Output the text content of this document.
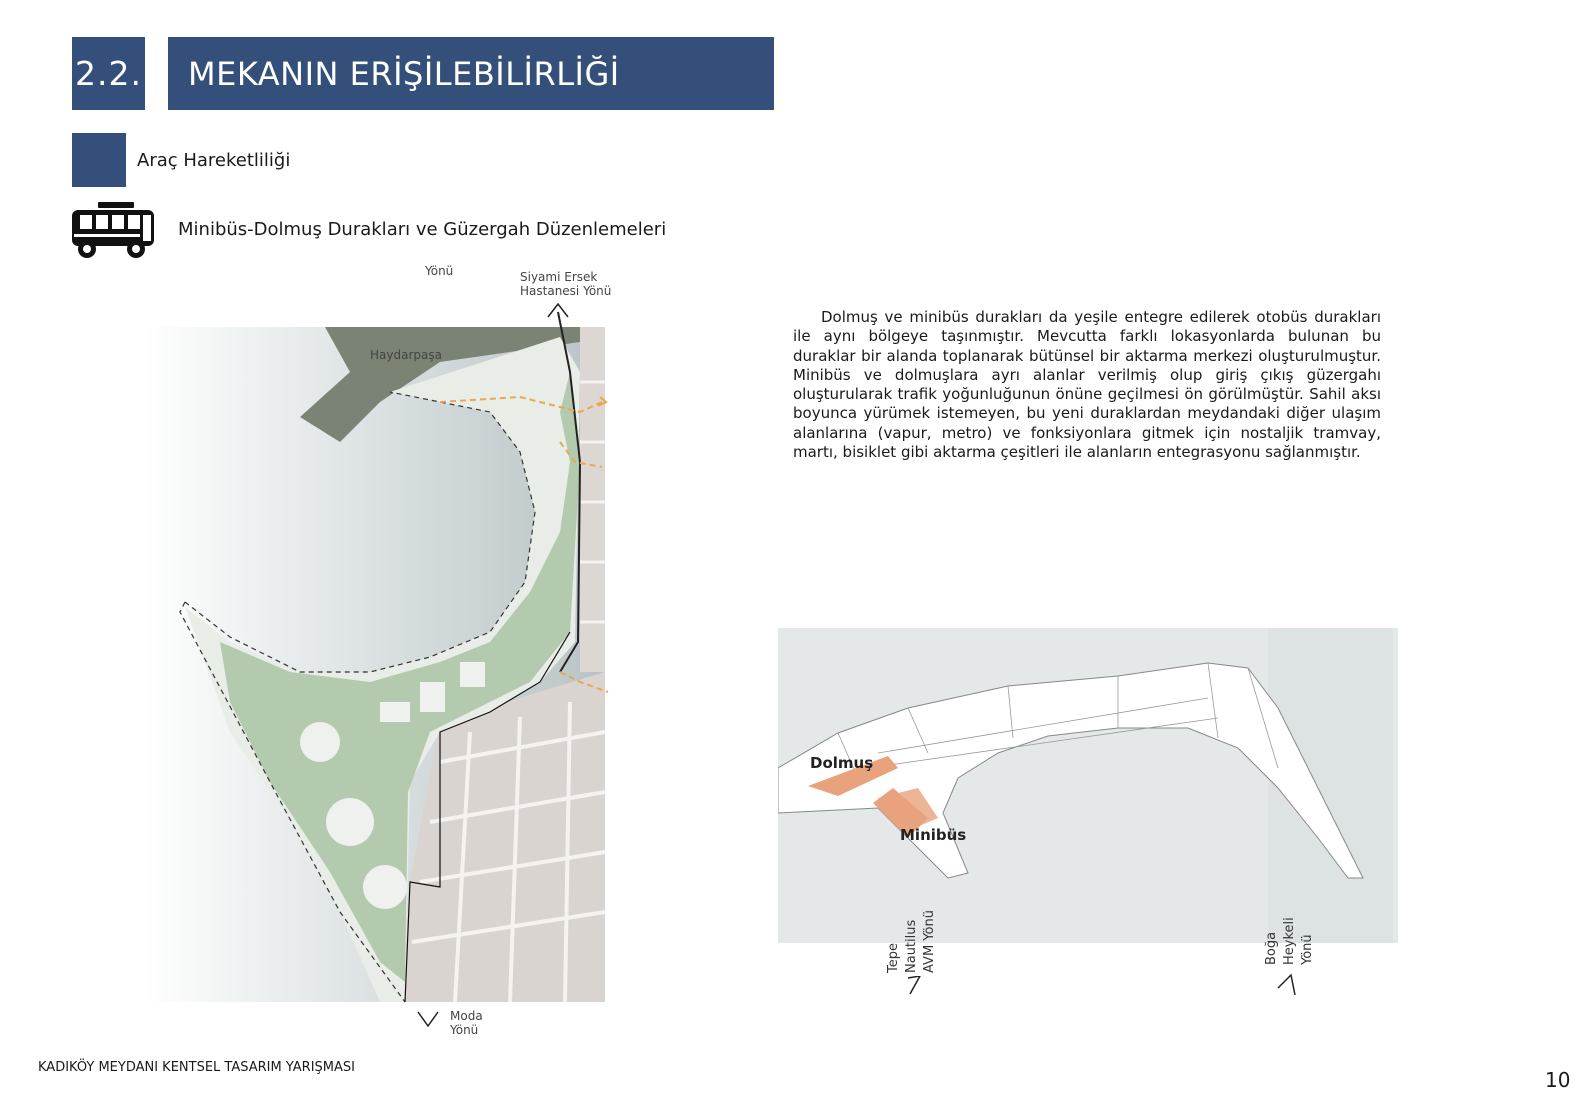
2.2.	MEKANIN ERİŞİLEBİLİRLİĞİ
Araç Hareketliliği
Minibüs-Dolmuş Durakları ve Güzergah Düzenlemeleri
Dolmuş ve minibüs durakları da yeşile entegre edilerek otobüs durakları ile aynı bölgeye taşınmıştır. Mevcutta farklı lokasyonlarda bulunan bu duraklar bir alanda toplanarak bütünsel bir aktarma merkezi oluşturulmuştur. Minibüs ve dolmuşlara ayrı alanlar verilmiş olup giriş çıkış güzergahı oluşturularak trafik yoğunluğunun önüne geçilmesi ön görülmüştür. Sahil aksı boyunca yürümek istemeyen, bu yeni duraklardan meydandaki diğer ulaşım alanlarına (vapur, metro) ve fonksiyonlara gitmek için nostaljik tramvay, martı, bisiklet gibi aktarma çeşitleri ile alanların entegrasyonu sağlanmıştır.
Yönü	Siyami Ersek
Hastanesi Yönü
Haydarpaşa
Moda
Yönü
Dolmuş
Minibüs
Tepe Nautilus AVM Yönü	Boğa Heykeli Yönü
KADIKÖY MEYDANI KENTSEL TASARIM YARIŞMASI
10
